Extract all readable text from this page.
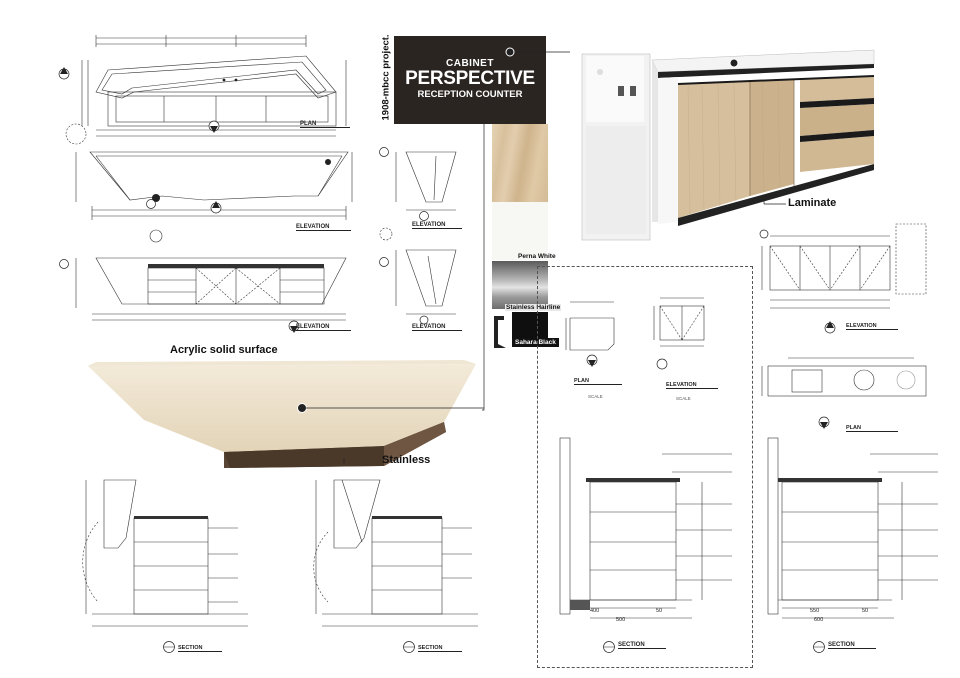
PLAN
ELEVATION	ELEVATION
ELEVATION	ELEVATION
1908-mbcc project.	CABINET
PERSPECTIVE
RECEPTION COUNTER
Perna White
Stainless Hairline
Sahara Black
Laminate
Acrylic solid surface
Stainless
PLAN
SCALE
ELEVATION
SCALE
ELEVATION
PLAN
SECTION	SECTION
400	50
500
SECTION
550	50
600
SECTION
